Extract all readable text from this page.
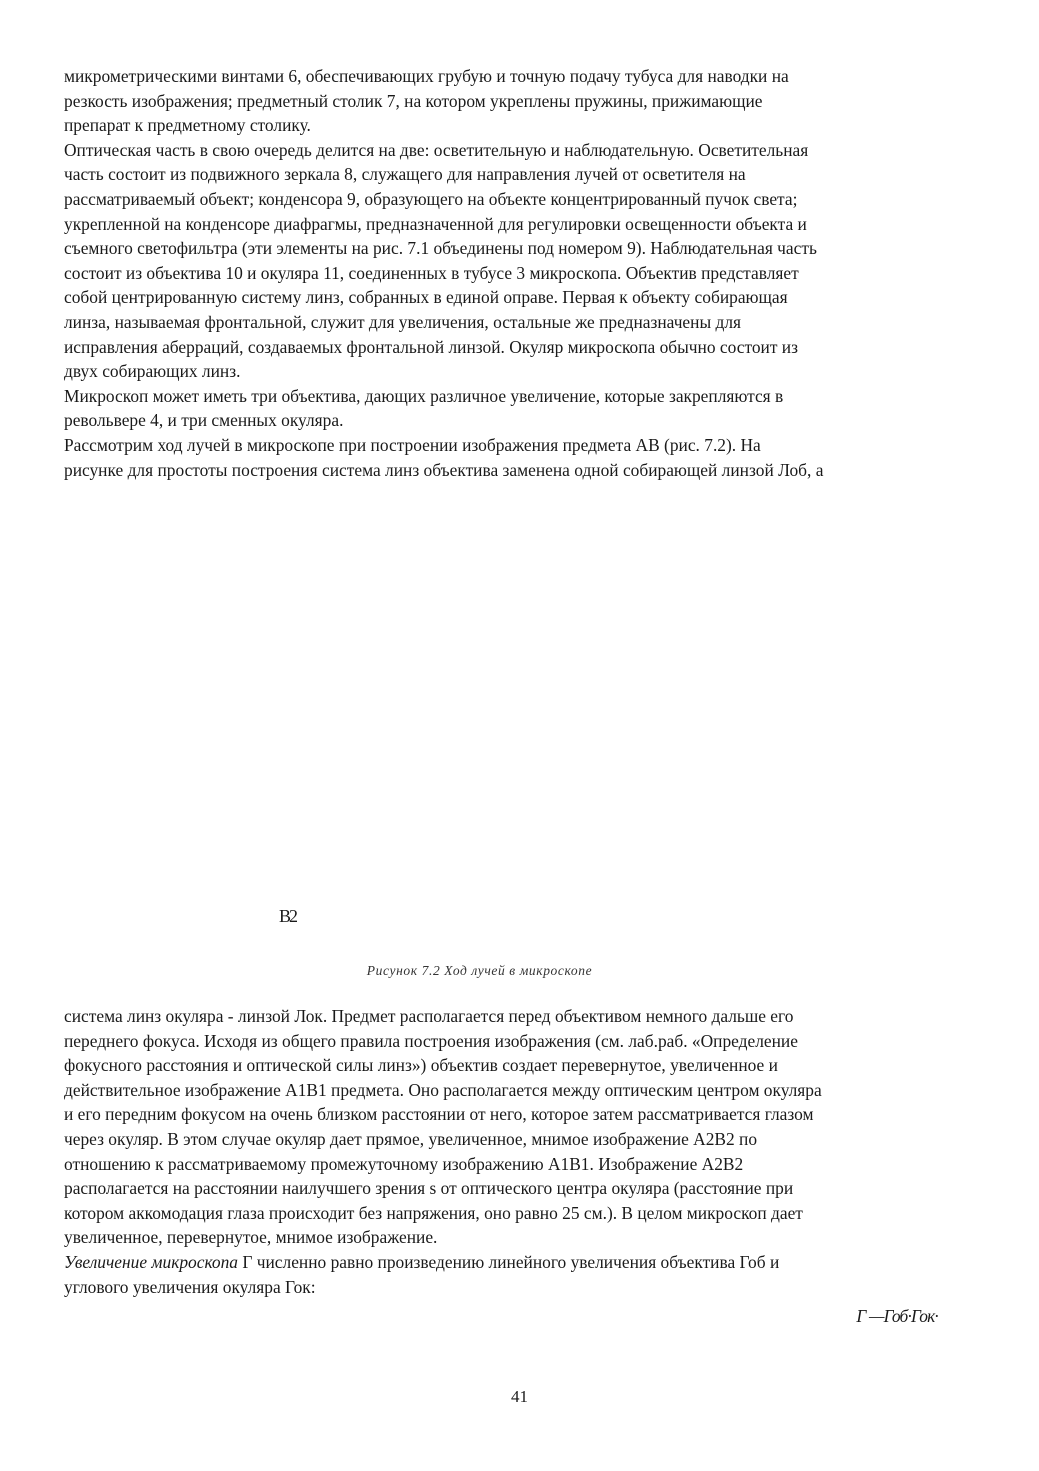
микрометрическими винтами 6, обеспечивающих грубую и точную подачу тубуса для наводки на
резкость изображения; предметный столик 7, на котором укреплены пружины, прижимающие
препарат к предметному столику.
Оптическая часть в свою очередь делится на две: осветительную и наблюдательную. Осветительная
часть состоит из подвижного зеркала 8, служащего для направления лучей от осветителя на
рассматриваемый объект; конденсора 9, образующего на объекте концентрированный пучок света;
укрепленной на конденсоре диафрагмы, предназначенной для регулировки освещенности объекта и
съемного светофильтра (эти элементы на рис. 7.1 объединены под номером 9). Наблюдательная часть
состоит из объектива 10 и окуляра 11, соединенных в тубусе 3 микроскопа. Объектив представляет
собой центрированную систему линз, собранных в единой оправе. Первая к объекту собирающая
линза, называемая фронтальной, служит для увеличения, остальные же предназначены для
исправления аберраций, создаваемых фронтальной линзой. Окуляр микроскопа обычно состоит из
двух собирающих линз.
Микроскоп может иметь три объектива, дающих различное увеличение, которые закрепляются в
револьвере 4, и три сменных окуляра.
Рассмотрим ход лучей в микроскопе при построении изображения предмета АВ (рис. 7.2). На
рисунке для простоты построения система линз объектива заменена одной собирающей линзой Лоб, а
В2
Рисунок 7.2 Ход лучей в микроскопе
система линз окуляра - линзой Лок. Предмет располагается перед объективом немного дальше его
переднего фокуса. Исходя из общего правила построения изображения (см. лаб.раб. «Определение
фокусного расстояния и оптической силы линз») объектив создает перевернутое, увеличенное и
действительное изображение А1В1 предмета. Оно располагается между оптическим центром окуляра
и его передним фокусом на очень близком расстоянии от него, которое затем рассматривается глазом
через окуляр. В этом случае окуляр дает прямое, увеличенное, мнимое изображение А2В2 по
отношению к рассматриваемому промежуточному изображению А1В1. Изображение А2В2
располагается на расстоянии наилучшего зрения s от оптического центра окуляра (расстояние при
котором аккомодация глаза происходит без напряжения, оно равно 25 см.). В целом микроскоп дает
увеличенное, перевернутое, мнимое изображение.
Увеличение микроскопа Г численно равно произведению линейного увеличения объектива Гоб и
углового увеличения окуляра Гок:
Г —Гоб·Гок·
41
